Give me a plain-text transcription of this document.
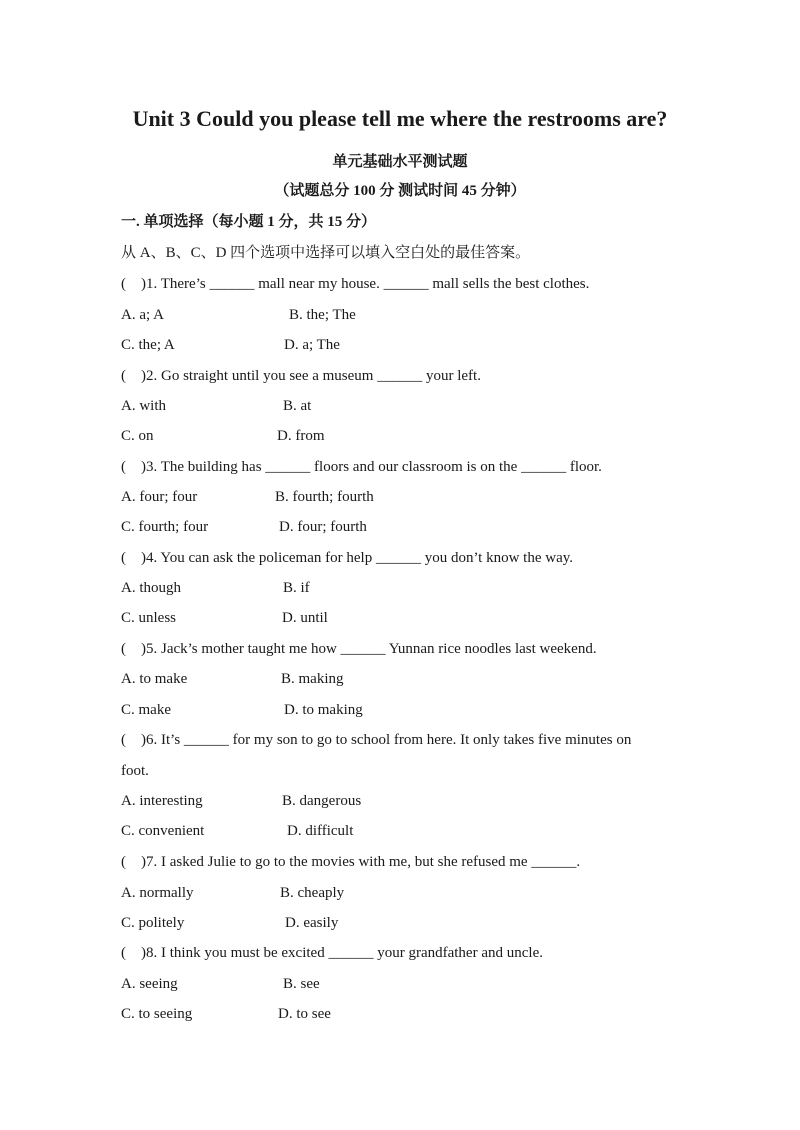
Unit 3 Could you please tell me where the restrooms are?
单元基础水平测试题
（试题总分 100 分 测试时间 45 分钟）
一. 单项选择（每小题 1 分，共 15 分）
从 A、B、C、D 四个选项中选择可以填入空白处的最佳答案。
(    )1. There’s ______ mall near my house. ______ mall sells the best clothes.
A. a; A	B. the; The
C. the; A	D. a; The
(    )2. Go straight until you see a museum ______ your left.
A. with	B. at
C. on	D. from
(    )3. The building has ______ floors and our classroom is on the ______ floor.
A. four; four	B. fourth; fourth
C. fourth; four	D. four; fourth
(    )4. You can ask the policeman for help ______ you don’t know the way.
A. though	B. if
C. unless	D. until
(    )5. Jack’s mother taught me how ______ Yunnan rice noodles last weekend.
A. to make	B. making
C. make	D. to making
(    )6. It’s ______ for my son to go to school from here. It only takes five minutes on
foot.
A. interesting	B. dangerous
C. convenient	D. difficult
(    )7. I asked Julie to go to the movies with me, but she refused me ______.
A. normally	B. cheaply
C. politely	D. easily
(    )8. I think you must be excited ______ your grandfather and uncle.
A. seeing	B. see
C. to seeing	D. to see
